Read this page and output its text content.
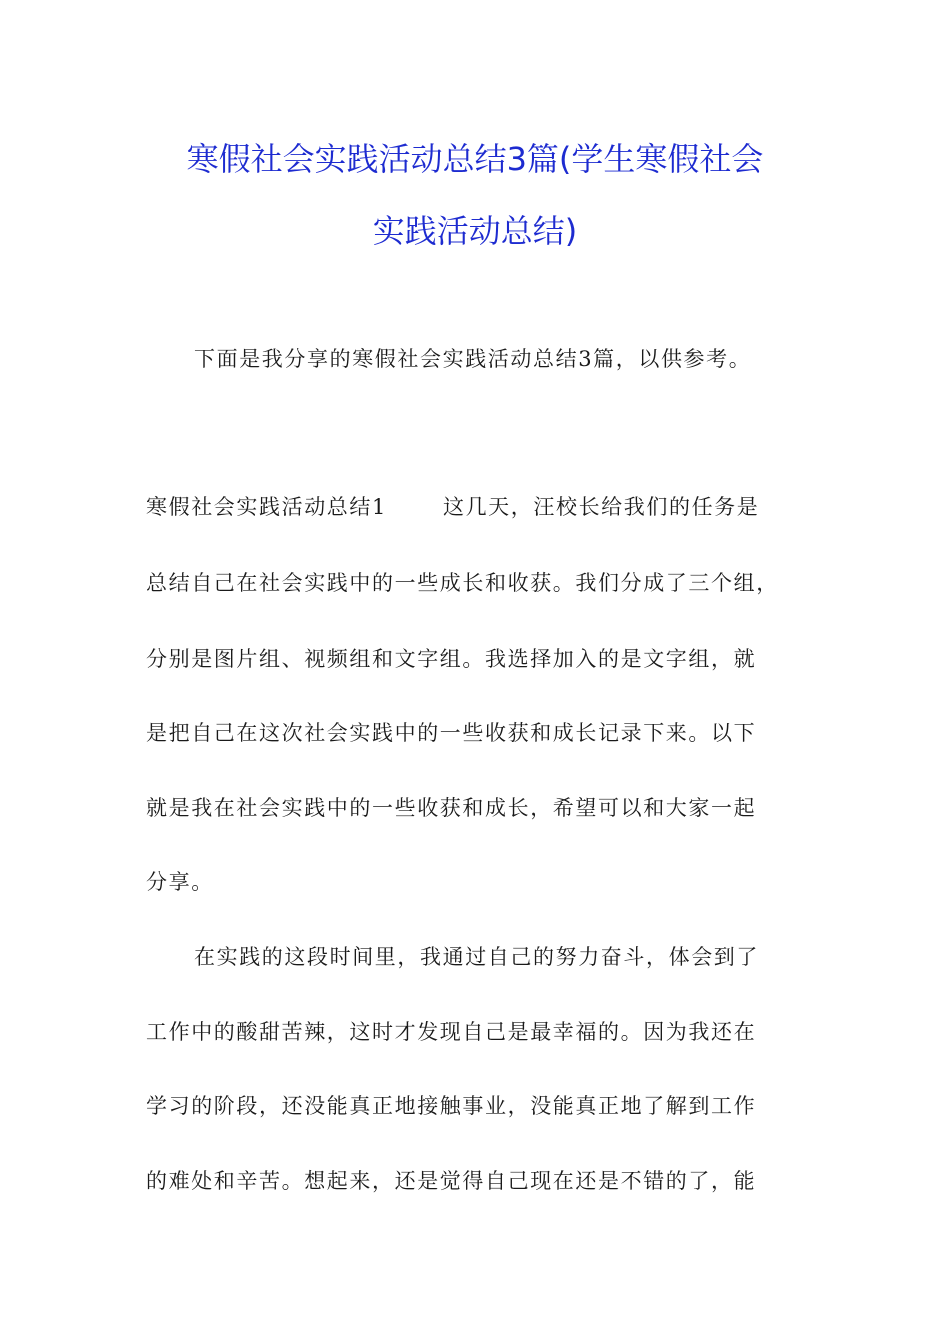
寒假社会实践活动总结3篇(学生寒假社会
实践活动总结)

下面是我分享的寒假社会实践活动总结3篇，以供参考。

寒假社会实践活动总结1	这几天，汪校长给我们的任务是

总结自己在社会实践中的一些成长和收获。我们分成了三个组，

分别是图片组、视频组和文字组。我选择加入的是文字组，就

是把自己在这次社会实践中的一些收获和成长记录下来。以下

就是我在社会实践中的一些收获和成长，希望可以和大家一起

分享。

在实践的这段时间里，我通过自己的努力奋斗，体会到了

工作中的酸甜苦辣，这时才发现自己是最幸福的。因为我还在

学习的阶段，还没能真正地接触事业，没能真正地了解到工作

的难处和辛苦。想起来，还是觉得自己现在还是不错的了，能
